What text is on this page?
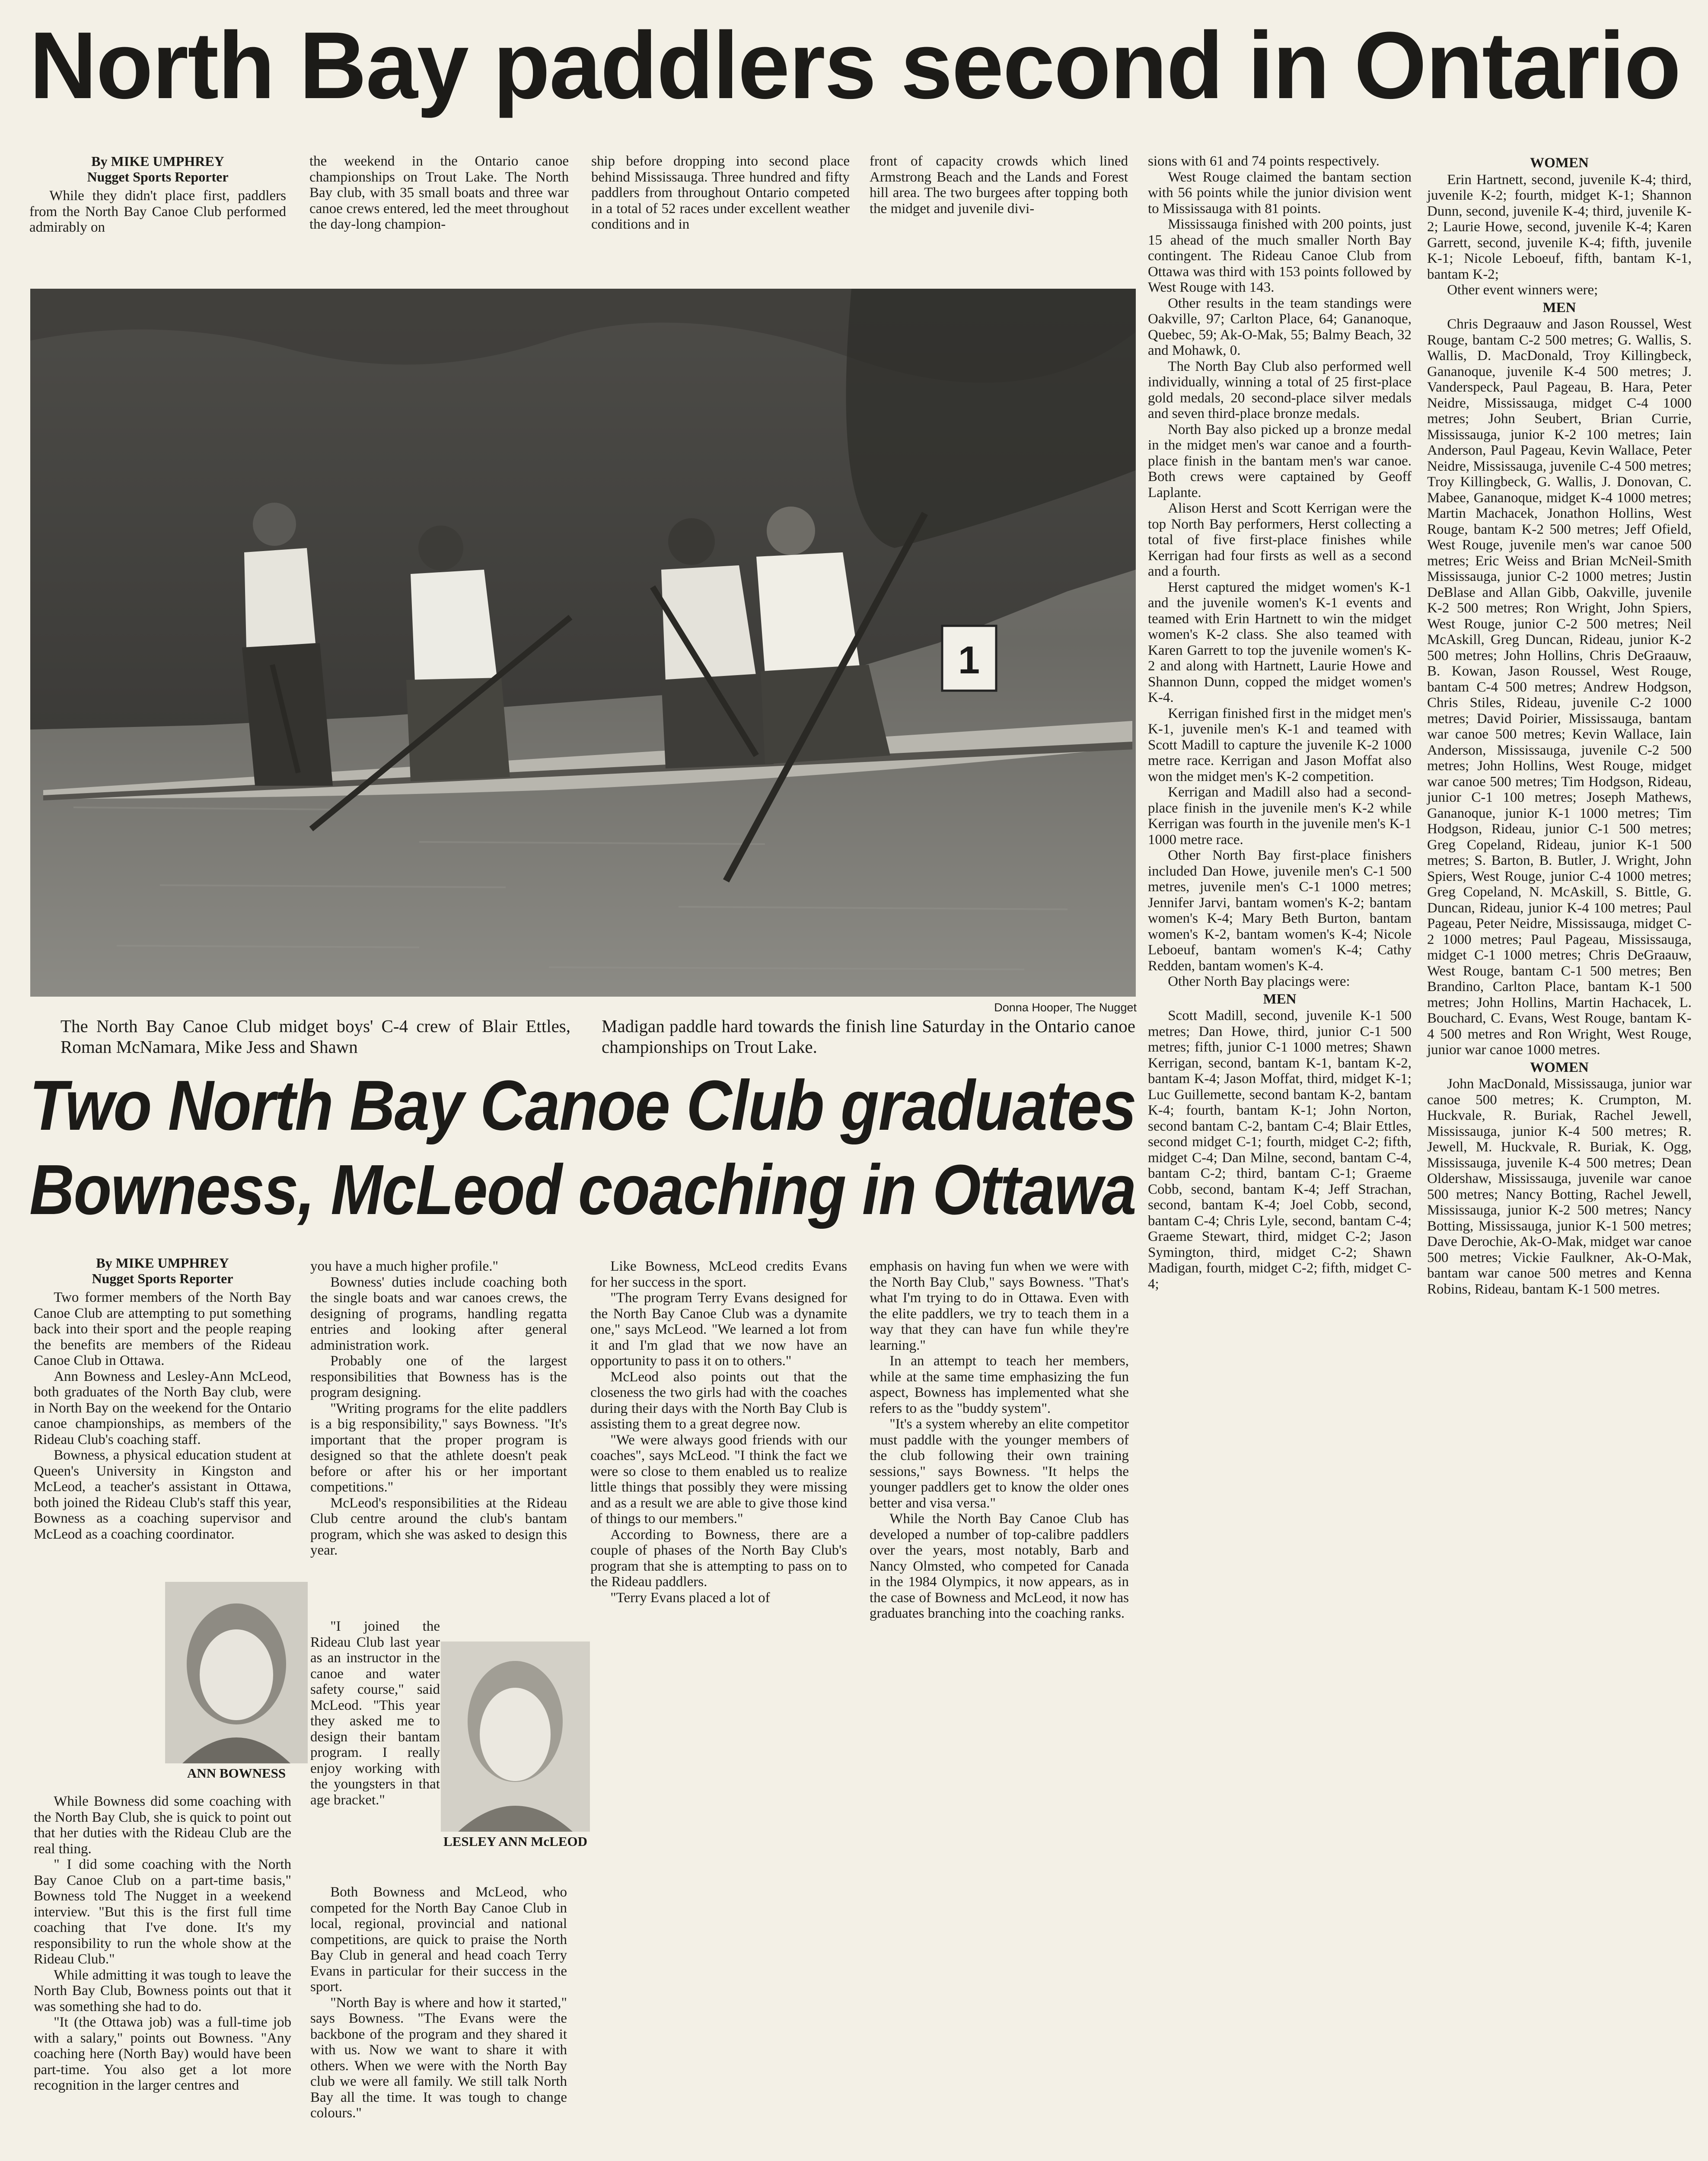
North Bay paddlers second in Ontario
By MIKE UMPHREY
Nugget Sports Reporter

While they didn't place first, paddlers from the North Bay Canoe Club performed admirably on

the weekend in the Ontario canoe championships on Trout Lake. The North Bay club, with 35 small boats and three war canoe crews entered, led the meet throughout the day-long champion-

ship before dropping into second place behind Mississauga. Three hundred and fifty paddlers from throughout Ontario competed in a total of 52 races under excellent weather conditions and in

front of capacity crowds which lined Armstrong Beach and the Lands and Forest hill area. The two burgees after topping both the midget and juvenile divi-

1
Donna Hooper, The Nugget
The North Bay Canoe Club midget boys' C-4 crew of Blair Ettles, Roman McNamara, Mike Jess and Shawn
Madigan paddle hard towards the finish line Saturday in the Ontario canoe championships on Trout Lake.
Two North Bay Canoe Club graduates
Bowness, McLeod coaching in Ottawa
By MIKE UMPHREY
Nugget Sports Reporter

Two former members of the North Bay Canoe Club are attempting to put something back into their sport and the people reaping the benefits are members of the Rideau Canoe Club in Ottawa.

Ann Bowness and Lesley-Ann McLeod, both graduates of the North Bay club, were in North Bay on the weekend for the Ontario canoe championships, as members of the Rideau Club's coaching staff.

Bowness, a physical education student at Queen's University in Kingston and McLeod, a teacher's assistant in Ottawa, both joined the Rideau Club's staff this year, Bowness as a coaching supervisor and McLeod as a coaching coordinator.

While Bowness did some coaching with the North Bay Club, she is quick to point out that her duties with the Rideau Club are the real thing.

" I did some coaching with the North Bay Canoe Club on a part-time basis," Bowness told The Nugget in a weekend interview. "But this is the first full time coaching that I've done. It's my responsibility to run the whole show at the Rideau Club."

While admitting it was tough to leave the North Bay Club, Bowness points out that it was something she had to do.

"It (the Ottawa job) was a full-time job with a salary," points out Bowness. "Any coaching here (North Bay) would have been part-time. You also get a lot more recognition in the larger centres and

ANN BOWNESS

you have a much higher profile."

Bowness' duties include coaching both the single boats and war canoes crews, the designing of programs, handling regatta entries and looking after general administration work.

Probably one of the largest responsibilities that Bowness has is the program designing.

"Writing programs for the elite paddlers is a big responsibility," says Bowness. "It's important that the proper program is designed so that the athlete doesn't peak before or after his or her important competitions."

McLeod's responsibilities at the Rideau Club centre around the club's bantam program, which she was asked to design this year.

Both Bowness and McLeod, who competed for the North Bay Canoe Club in local, regional, provincial and national competitions, are quick to praise the North Bay Club in general and head coach Terry Evans in particular for their success in the sport.

"North Bay is where and how it started," says Bowness. "The Evans were the backbone of the program and they shared it with us. Now we want to share it with others. When we were with the North Bay club we were all family. We still talk North Bay all the time. It was tough to change colours."

"I joined the Rideau Club last year as an instructor in the canoe and water safety course," said McLeod. "This year they asked me to design their bantam program. I really enjoy working with the youngsters in that age bracket."

LESLEY ANN McLEOD

Like Bowness, McLeod credits Evans for her success in the sport.

"The program Terry Evans designed for the North Bay Canoe Club was a dynamite one," says McLeod. "We learned a lot from it and I'm glad that we now have an opportunity to pass it on to others."

McLeod also points out that the closeness the two girls had with the coaches during their days with the North Bay Club is assisting them to a great degree now.

"We were always good friends with our coaches", says McLeod. "I think the fact we were so close to them enabled us to realize little things that possibly they were missing and as a result we are able to give those kind of things to our members."

According to Bowness, there are a couple of phases of the North Bay Club's program that she is attempting to pass on to the Rideau paddlers.

"Terry Evans placed a lot of

emphasis on having fun when we were with the North Bay Club," says Bowness. "That's what I'm trying to do in Ottawa. Even with the elite paddlers, we try to teach them in a way that they can have fun while they're learning."

In an attempt to teach her members, while at the same time emphasizing the fun aspect, Bowness has implemented what she refers to as the "buddy system".

"It's a system whereby an elite competitor must paddle with the younger members of the club following their own training sessions," says Bowness. "It helps the younger paddlers get to know the older ones better and visa versa."

While the North Bay Canoe Club has developed a number of top-calibre paddlers over the years, most notably, Barb and Nancy Olmsted, who competed for Canada in the 1984 Olympics, it now appears, as in the case of Bowness and McLeod, it now has graduates branching into the coaching ranks.

sions with 61 and 74 points respectively.

West Rouge claimed the bantam section with 56 points while the junior division went to Mississauga with 81 points.

Mississauga finished with 200 points, just 15 ahead of the much smaller North Bay contingent. The Rideau Canoe Club from Ottawa was third with 153 points followed by West Rouge with 143.

Other results in the team standings were Oakville, 97; Carlton Place, 64; Gananoque, Quebec, 59; Ak-O-Mak, 55; Balmy Beach, 32 and Mohawk, 0.

The North Bay Club also performed well individually, winning a total of 25 first-place gold medals, 20 second-place silver medals and seven third-place bronze medals.

North Bay also picked up a bronze medal in the midget men's war canoe and a fourth-place finish in the bantam men's war canoe. Both crews were captained by Geoff Laplante.

Alison Herst and Scott Kerrigan were the top North Bay performers, Herst collecting a total of five first-place finishes while Kerrigan had four firsts as well as a second and a fourth.

Herst captured the midget women's K-1 and the juvenile women's K-1 events and teamed with Erin Hartnett to win the midget women's K-2 class. She also teamed with Karen Garrett to top the juvenile women's K-2 and along with Hartnett, Laurie Howe and Shannon Dunn, copped the midget women's K-4.

Kerrigan finished first in the midget men's K-1, juvenile men's K-1 and teamed with Scott Madill to capture the juvenile K-2 1000 metre race. Kerrigan and Jason Moffat also won the midget men's K-2 competition.

Kerrigan and Madill also had a second-place finish in the juvenile men's K-2 while Kerrigan was fourth in the juvenile men's K-1 1000 metre race.

Other North Bay first-place finishers included Dan Howe, juvenile men's C-1 500 metres, juvenile men's C-1 1000 metres; Jennifer Jarvi, bantam women's K-2; bantam women's K-4; Mary Beth Burton, bantam women's K-2, bantam women's K-4; Nicole Leboeuf, bantam women's K-4; Cathy Redden, bantam women's K-4.

Other North Bay placings were:

MEN

Scott Madill, second, juvenile K-1 500 metres; Dan Howe, third, junior C-1 500 metres; fifth, junior C-1 1000 metres; Shawn Kerrigan, second, bantam K-1, bantam K-2, bantam K-4; Jason Moffat, third, midget K-1; Luc Guillemette, second bantam K-2, bantam K-4; fourth, bantam K-1; John Norton, second bantam C-2, bantam C-4; Blair Ettles, second midget C-1; fourth, midget C-2; fifth, midget C-4; Dan Milne, second, bantam C-4, bantam C-2; third, bantam C-1; Graeme Cobb, second, bantam K-4; Jeff Strachan, second, bantam K-4; Joel Cobb, second, bantam C-4; Chris Lyle, second, bantam C-4; Graeme Stewart, third, midget C-2; Jason Symington, third, midget C-2; Shawn Madigan, fourth, midget C-2; fifth, midget C-4;

WOMEN

Erin Hartnett, second, juvenile K-4; third, juvenile K-2; fourth, midget K-1; Shannon Dunn, second, juvenile K-4; third, juvenile K-2; Laurie Howe, second, juvenile K-4; Karen Garrett, second, juvenile K-4; fifth, juvenile K-1; Nicole Leboeuf, fifth, bantam K-1, bantam K-2;

Other event winners were;

MEN

Chris Degraauw and Jason Roussel, West Rouge, bantam C-2 500 metres; G. Wallis, S. Wallis, D. MacDonald, Troy Killingbeck, Gananoque, juvenile K-4 500 metres; J. Vanderspeck, Paul Pageau, B. Hara, Peter Neidre, Mississauga, midget C-4 1000 metres; John Seubert, Brian Currie, Mississauga, junior K-2 100 metres; Iain Anderson, Paul Pageau, Kevin Wallace, Peter Neidre, Mississauga, juvenile C-4 500 metres; Troy Killingbeck, G. Wallis, J. Donovan, C. Mabee, Gananoque, midget K-4 1000 metres; Martin Machacek, Jonathon Hollins, West Rouge, bantam K-2 500 metres; Jeff Ofield, West Rouge, juvenile men's war canoe 500 metres; Eric Weiss and Brian McNeil-Smith Mississauga, junior C-2 1000 metres; Justin DeBlase and Allan Gibb, Oakville, juvenile K-2 500 metres; Ron Wright, John Spiers, West Rouge, junior C-2 500 metres; Neil McAskill, Greg Duncan, Rideau, junior K-2 500 metres; John Hollins, Chris DeGraauw, B. Kowan, Jason Roussel, West Rouge, bantam C-4 500 metres; Andrew Hodgson, Chris Stiles, Rideau, juvenile C-2 1000 metres; David Poirier, Mississauga, bantam war canoe 500 metres; Kevin Wallace, Iain Anderson, Mississauga, juvenile C-2 500 metres; John Hollins, West Rouge, midget war canoe 500 metres; Tim Hodgson, Rideau, junior C-1 100 metres; Joseph Mathews, Gananoque, junior K-1 1000 metres; Tim Hodgson, Rideau, junior C-1 500 metres; Greg Copeland, Rideau, junior K-1 500 metres; S. Barton, B. Butler, J. Wright, John Spiers, West Rouge, junior C-4 1000 metres; Greg Copeland, N. McAskill, S. Bittle, G. Duncan, Rideau, junior K-4 100 metres; Paul Pageau, Peter Neidre, Mississauga, midget C-2 1000 metres; Paul Pageau, Mississauga, midget C-1 1000 metres; Chris DeGraauw, West Rouge, bantam C-1 500 metres; Ben Brandino, Carlton Place, bantam K-1 500 metres; John Hollins, Martin Hachacek, L. Bouchard, C. Evans, West Rouge, bantam K-4 500 metres and Ron Wright, West Rouge, junior war canoe 1000 metres.

WOMEN

John MacDonald, Mississauga, junior war canoe 500 metres; K. Crumpton, M. Huckvale, R. Buriak, Rachel Jewell, Mississauga, junior K-4 500 metres; R. Jewell, M. Huckvale, R. Buriak, K. Ogg, Mississauga, juvenile K-4 500 metres; Dean Oldershaw, Mississauga, juvenile war canoe 500 metres; Nancy Botting, Rachel Jewell, Mississauga, junior K-2 500 metres; Nancy Botting, Mississauga, junior K-1 500 metres; Dave Derochie, Ak-O-Mak, midget war canoe 500 metres; Vickie Faulkner, Ak-O-Mak, bantam war canoe 500 metres and Kenna Robins, Rideau, bantam K-1 500 metres.
